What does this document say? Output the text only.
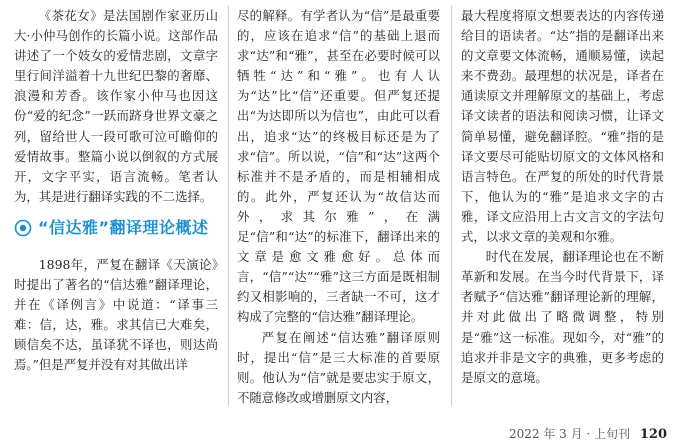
《茶花女》是法国剧作家亚历山大·小仲马创作的长篇小说。这部作品讲述了一个妓女的爱情悲剧，文章字里行间洋溢着十九世纪巴黎的奢靡、浪漫和芳香。该作家小仲马也因这份“爱的纪念”一跃而跻身世界文豪之列，留给世人一段可歌可泣可瞻仰的爱情故事。整篇小说以倒叙的方式展开，文字平实，语言流畅。笔者认为，其是进行翻译实践的不二选择。

“信达雅”翻译理论概述

1898年，严复在翻译《天演论》时提出了著名的“信达雅”翻译理论，并在《译例言》中说道：“译事三难：信，达，雅。求其信已大难矣，顾信矣不达，虽译犹不译也，则达尚焉。”但是严复并没有对其做出详

尽的解释。有学者认为“信”是最重要的，应该在追求“信”的基础上退而求“达”和“雅”，甚至在必要时候可以牺牲“达”和“雅”。也有人认为“达”比“信”还重要。但严复还提出“为达即所以为信也”，由此可以看出，追求“达”的终极目标还是为了求“信”。所以说，“信”和“达”这两个标准并不是矛盾的，而是相辅相成的。此外，严复还认为“故信达而外，求其尔雅”，在满足“信”和“达”的标准下，翻译出来的文章是愈文雅愈好。总体而言，“信”“达”“雅”这三方面是既相制约又相影响的，三者缺一不可，这才构成了完整的“信达雅”翻译理论。

严复在阐述“信达雅”翻译原则时，提出“信”是三大标准的首要原则。他认为“信”就是要忠实于原文，不随意修改或增删原文内容，

最大程度将原文想要表达的内容传递给目的语读者。“达”指的是翻译出来的文章要文体流畅，通顺易懂，读起来不费劲。最理想的状况是，译者在通读原文并理解原文的基础上，考虑译文读者的语法和阅读习惯，让译文简单易懂，避免翻译腔。“雅”指的是译文要尽可能贴切原文的文体风格和语言特色。在严复的所处的时代背景下，他认为的“雅”是追求文字的古雅，译文应沿用上古文言文的字法句式，以求文章的美观和尔雅。

时代在发展，翻译理论也在不断革新和发展。在当今时代背景下，译者赋予“信达雅”翻译理论新的理解，并对此做出了略微调整，特别是“雅”这一标准。现如今，对“雅”的追求并非是文字的典雅，更多考虑的是原文的意境。

2022 年 3 月 · 上旬刊 120
